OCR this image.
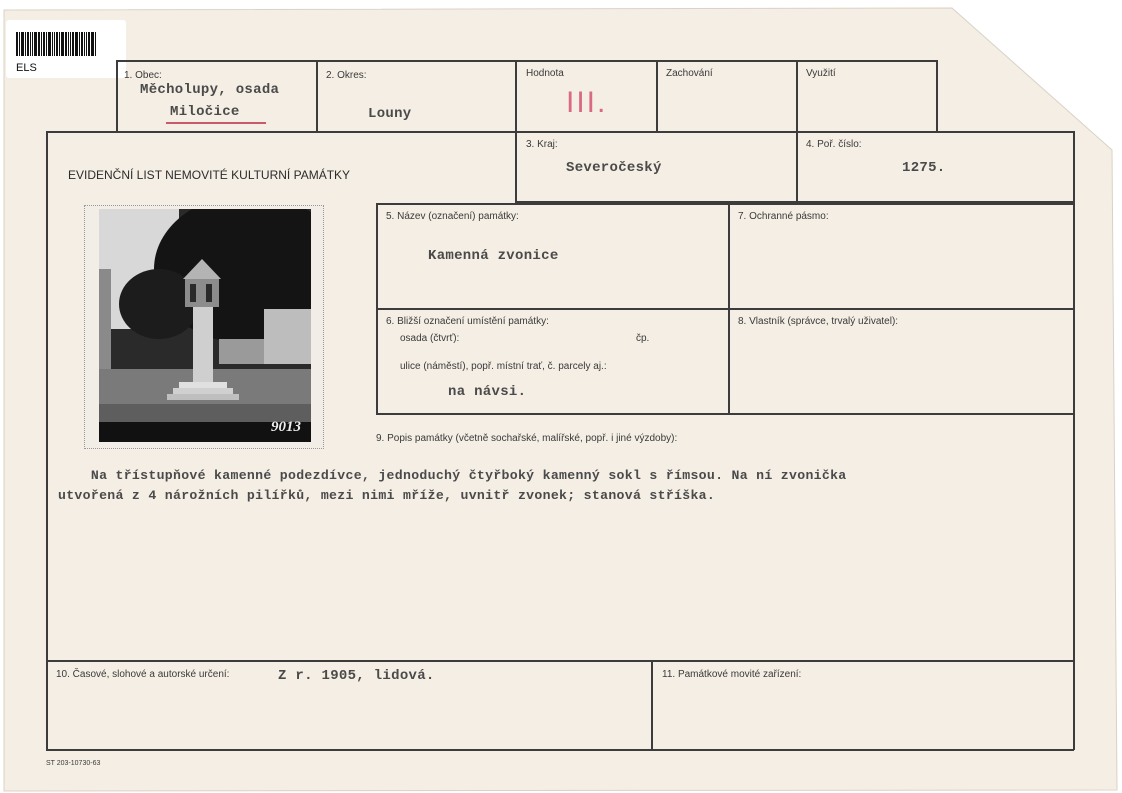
ELS
1. Obec:
Měcholupy, osada
Miločice
2. Okres:
Louny
Hodnota
III.
Zachování	Využití
EVIDENČNÍ LIST NEMOVITÉ KULTURNÍ PAMÁTKY
3. Kraj:
Severočeský
4. Poř. číslo:
1275.
9013
5. Název (označení) památky:
Kamenná zvonice
7. Ochranné pásmo:
6. Bližší označení umístění památky:
osada (čtvrť):	čp.
ulice (náměstí), popř. místní trať, č. parcely aj.:
na návsi.
8. Vlastník (správce, trvalý uživatel):
9. Popis památky (včetně sochařské, malířské, popř. i jiné výzdoby):
Na třístupňové kamenné podezdívce, jednoduchý čtyřboký kamenný sokl s římsou. Na ní zvonička
utvořená z 4 nárožních pilířků, mezi nimi mříže, uvnitř zvonek; stanová stříška.
10. Časové, slohové a autorské určení:	Z r. 1905, lidová.	11. Památkové movité zařízení:
ST 203-10730-63
